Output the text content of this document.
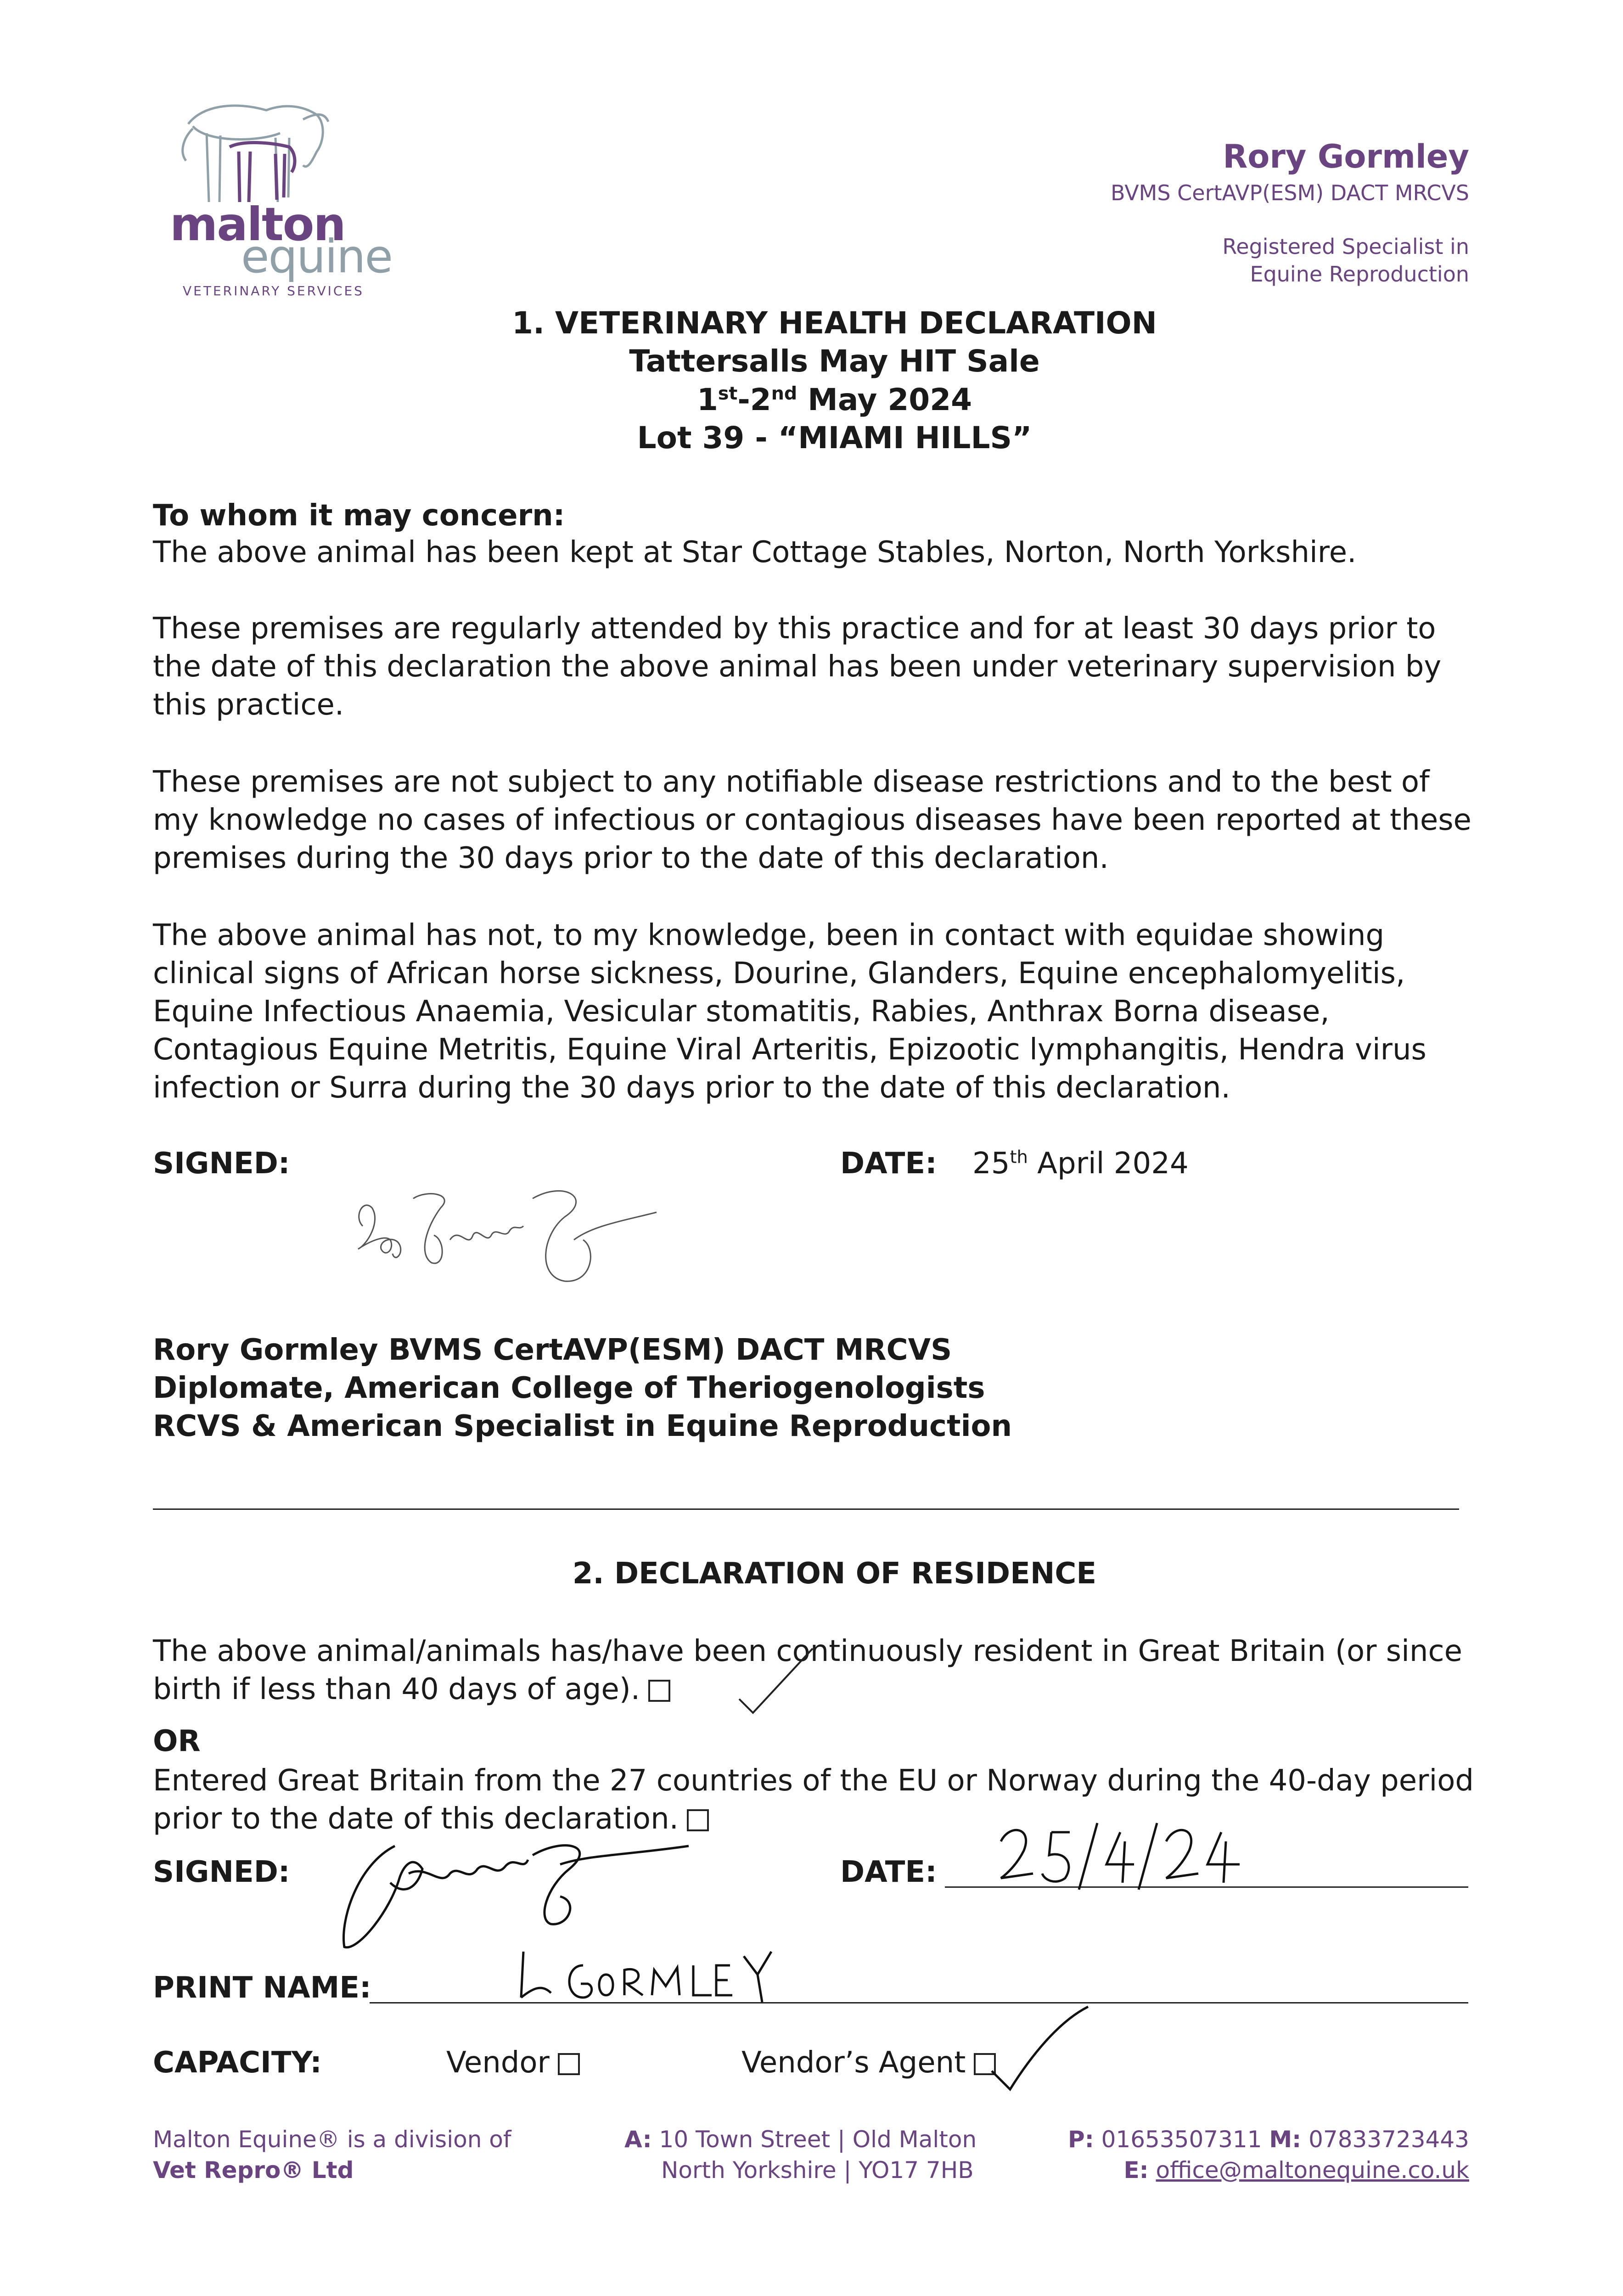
malton
equine
VETERINARY SERVICES
Rory Gormley
BVMS CertAVP(ESM) DACT MRCVS
Registered Specialist in
Equine Reproduction
1. VETERINARY HEALTH DECLARATION
Tattersalls May HIT Sale
1st-2nd May 2024
Lot 39 - “MIAMI HILLS”
To whom it may concern:
The above animal has been kept at Star Cottage Stables, Norton, North Yorkshire.
These premises are regularly attended by this practice and for at least 30 days prior to the date of this declaration the above animal has been under veterinary supervision by this practice.
These premises are not subject to any notifiable disease restrictions and to the best of my knowledge no cases of infectious or contagious diseases have been reported at these premises during the 30 days prior to the date of this declaration.
The above animal has not, to my knowledge, been in contact with equidae showing clinical signs of African horse sickness, Dourine, Glanders, Equine encephalomyelitis, Equine Infectious Anaemia, Vesicular stomatitis, Rabies, Anthrax Borna disease, Contagious Equine Metritis, Equine Viral Arteritis, Epizootic lymphangitis, Hendra virus infection or Surra during the 30 days prior to the date of this declaration.
SIGNED:	DATE: 25th April 2024
Rory Gormley BVMS CertAVP(ESM) DACT MRCVS
Diplomate, American College of Theriogenologists
RCVS & American Specialist in Equine Reproduction
2. DECLARATION OF RESIDENCE
The above animal/animals has/have been continuously resident in Great Britain (or since birth if less than 40 days of age).
OR
Entered Great Britain from the 27 countries of the EU or Norway during the 40-day period prior to the date of this declaration.
SIGNED:	DATE:
PRINT NAME:
CAPACITY:	Vendor	Vendor’s Agent
Malton Equine® is a division of
Vet Repro® Ltd
A: 10 Town Street | Old Malton
North Yorkshire | YO17 7HB
P: 01653507311 M: 07833723443
E: office@maltonequine.co.uk
